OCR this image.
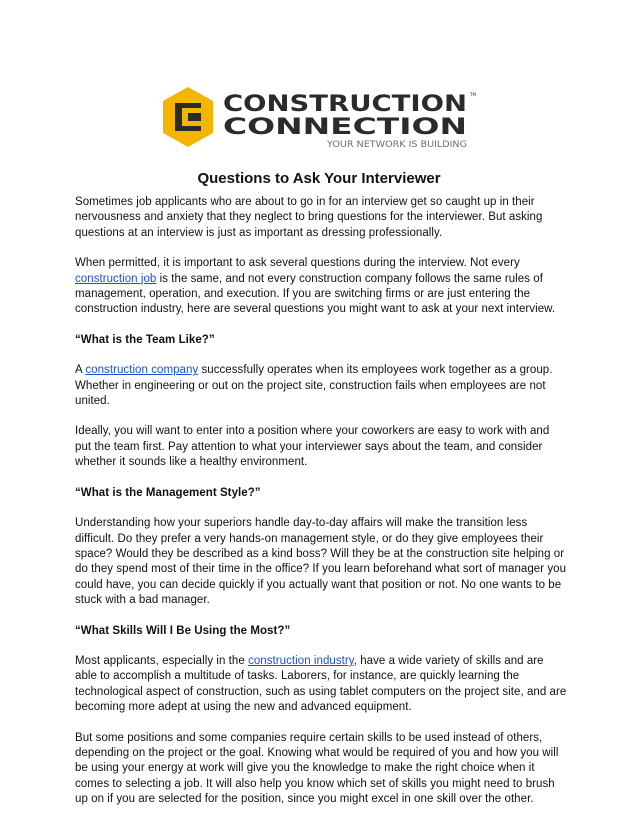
CONSTRUCTION
CONNECTION
TM
YOUR NETWORK IS BUILDING
Questions to Ask Your Interviewer

Sometimes job applicants who are about to go in for an interview get so caught up in their nervousness and anxiety that they neglect to bring questions for the interviewer. But asking questions at an interview is just as important as dressing professionally.

When permitted, it is important to ask several questions during the interview. Not every construction job is the same, and not every construction company follows the same rules of management, operation, and execution. If you are switching firms or are just entering the construction industry, here are several questions you might want to ask at your next interview.

“What is the Team Like?”

A construction company successfully operates when its employees work together as a group. Whether in engineering or out on the project site, construction fails when employees are not united.

Ideally, you will want to enter into a position where your coworkers are easy to work with and put the team first. Pay attention to what your interviewer says about the team, and consider whether it sounds like a healthy environment.

“What is the Management Style?”

Understanding how your superiors handle day-to-day affairs will make the transition less difficult. Do they prefer a very hands-on management style, or do they give employees their space? Would they be described as a kind boss? Will they be at the construction site helping or do they spend most of their time in the office? If you learn beforehand what sort of manager you could have, you can decide quickly if you actually want that position or not. No one wants to be stuck with a bad manager.

“What Skills Will I Be Using the Most?”

Most applicants, especially in the construction industry, have a wide variety of skills and are able to accomplish a multitude of tasks. Laborers, for instance, are quickly learning the technological aspect of construction, such as using tablet computers on the project site, and are becoming more adept at using the new and advanced equipment.

But some positions and some companies require certain skills to be used instead of others, depending on the project or the goal. Knowing what would be required of you and how you will be using your energy at work will give you the knowledge to make the right choice when it comes to selecting a job. It will also help you know which set of skills you might need to brush up on if you are selected for the position, since you might excel in one skill over the other.
